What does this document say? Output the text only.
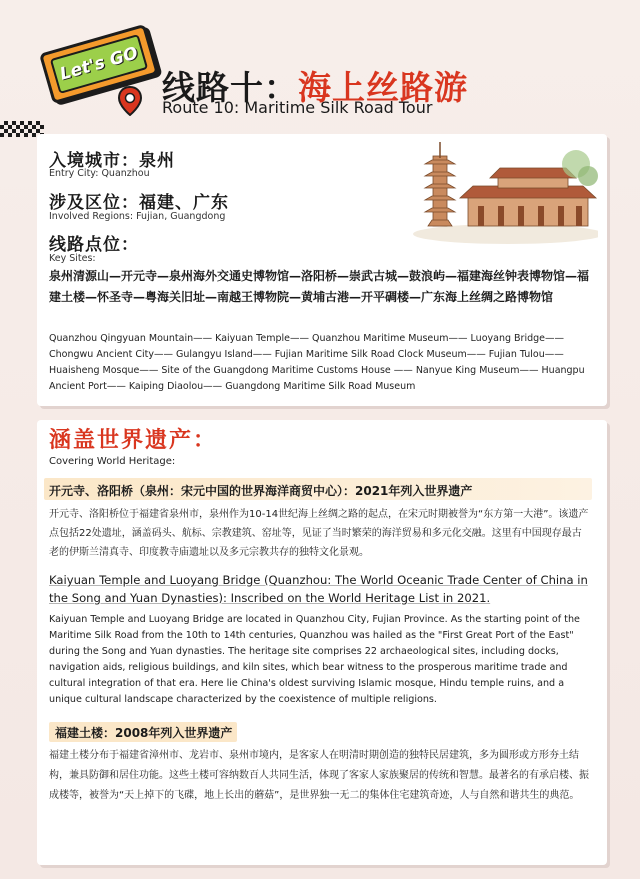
Let's GO
线路十：海上丝路游
Route 10: Maritime Silk Road Tour
入境城市：泉州
Entry City: Quanzhou
涉及区位：福建、广东
Involved Regions: Fujian, Guangdong
线路点位：
Key Sites:
泉州清源山—开元寺—泉州海外交通史博物馆—洛阳桥—崇武古城—鼓浪屿—福建海丝钟表博物馆—福建土楼—怀圣寺—粤海关旧址—南越王博物院—黄埔古港—开平碉楼—广东海上丝绸之路博物馆
Quanzhou Qingyuan Mountain—— Kaiyuan Temple—— Quanzhou Maritime Museum—— Luoyang Bridge—— Chongwu Ancient City—— Gulangyu Island—— Fujian Maritime Silk Road Clock Museum—— Fujian Tulou—— Huaisheng Mosque—— Site of the Guangdong Maritime Customs House —— Nanyue King Museum—— Huangpu Ancient Port—— Kaiping Diaolou—— Guangdong Maritime Silk Road Museum
涵盖世界遗产：
Covering World Heritage:
开元寺、洛阳桥（泉州：宋元中国的世界海洋商贸中心）：2021年列入世界遗产
开元寺、洛阳桥位于福建省泉州市，泉州作为10-14世纪海上丝绸之路的起点，在宋元时期被誉为“东方第一大港”。该遗产点包括22处遗址，涵盖码头、航标、宗教建筑、窑址等，见证了当时繁荣的海洋贸易和多元化交融。这里有中国现存最古老的伊斯兰清真寺、印度教寺庙遗址以及多元宗教共存的独特文化景观。
Kaiyuan Temple and Luoyang Bridge (Quanzhou: The World Oceanic Trade Center of China in the Song and Yuan Dynasties): Inscribed on the World Heritage List in 2021.
Kaiyuan Temple and Luoyang Bridge are located in Quanzhou City, Fujian Province. As the starting point of the Maritime Silk Road from the 10th to 14th centuries, Quanzhou was hailed as the "First Great Port of the East" during the Song and Yuan dynasties. The heritage site comprises 22 archaeological sites, including docks, navigation aids, religious buildings, and kiln sites, which bear witness to the prosperous maritime trade and cultural integration of that era. Here lie China's oldest surviving Islamic mosque, Hindu temple ruins, and a unique cultural landscape characterized by the coexistence of multiple religions.
福建土楼：2008年列入世界遗产
福建土楼分布于福建省漳州市、龙岩市、泉州市境内，是客家人在明清时期创造的独特民居建筑，多为圆形或方形夯土结构，兼具防御和居住功能。这些土楼可容纳数百人共同生活，体现了客家人家族聚居的传统和智慧。最著名的有承启楼、振成楼等，被誉为“天上掉下的飞碟，地上长出的蘑菇”，是世界独一无二的集体住宅建筑奇迹，人与自然和谐共生的典范。
